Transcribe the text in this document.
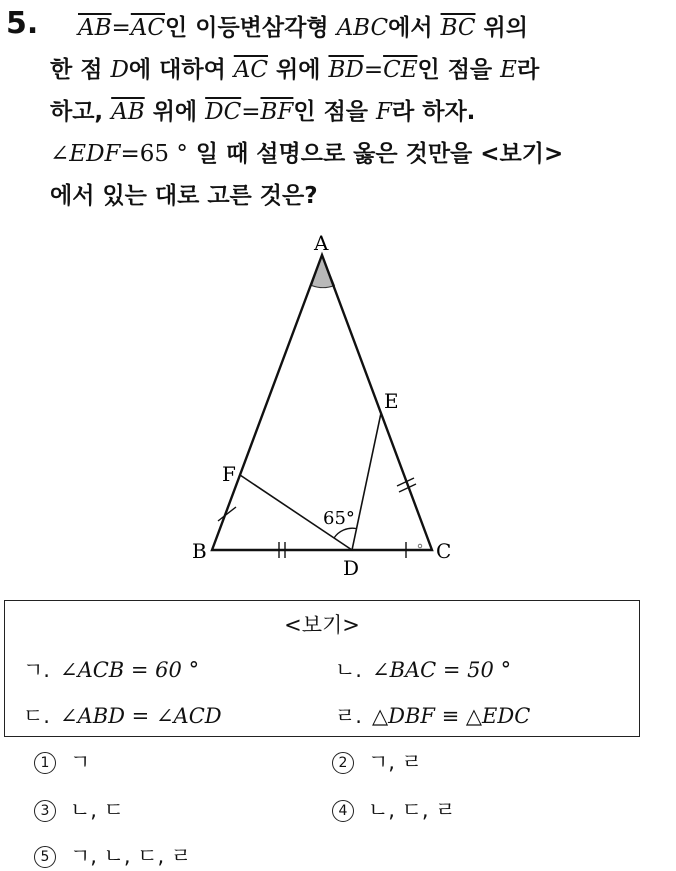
5. $\overline{AB}=\overline{AC}$인 이등변삼각형 ABC에서 $\overline{BC}$ 위의
한 점 D에 대하여 $\overline{AC}$ 위에 $\overline{BD}=\overline{CE}$인 점을 E라
하고, $\overline{AB}$ 위에 $\overline{DC}=\overline{BF}$인 점을 F라 하자.
∠EDF=65 ° 일 때 설명으로 옳은 것만을 <보기>
에서 있는 대로 고른 것은?
A
B	C
D
E
F
65°
<보기>
ㄱ. ∠ACB = 60 °	ㄴ. ∠BAC = 50 °
ㄷ. ∠ABD = ∠ACD	ㄹ. △DBF ≡ △EDC
1 ㄱ	2 ㄱ, ㄹ
3 ㄴ, ㄷ	4 ㄴ, ㄷ, ㄹ
5 ㄱ, ㄴ, ㄷ, ㄹ
